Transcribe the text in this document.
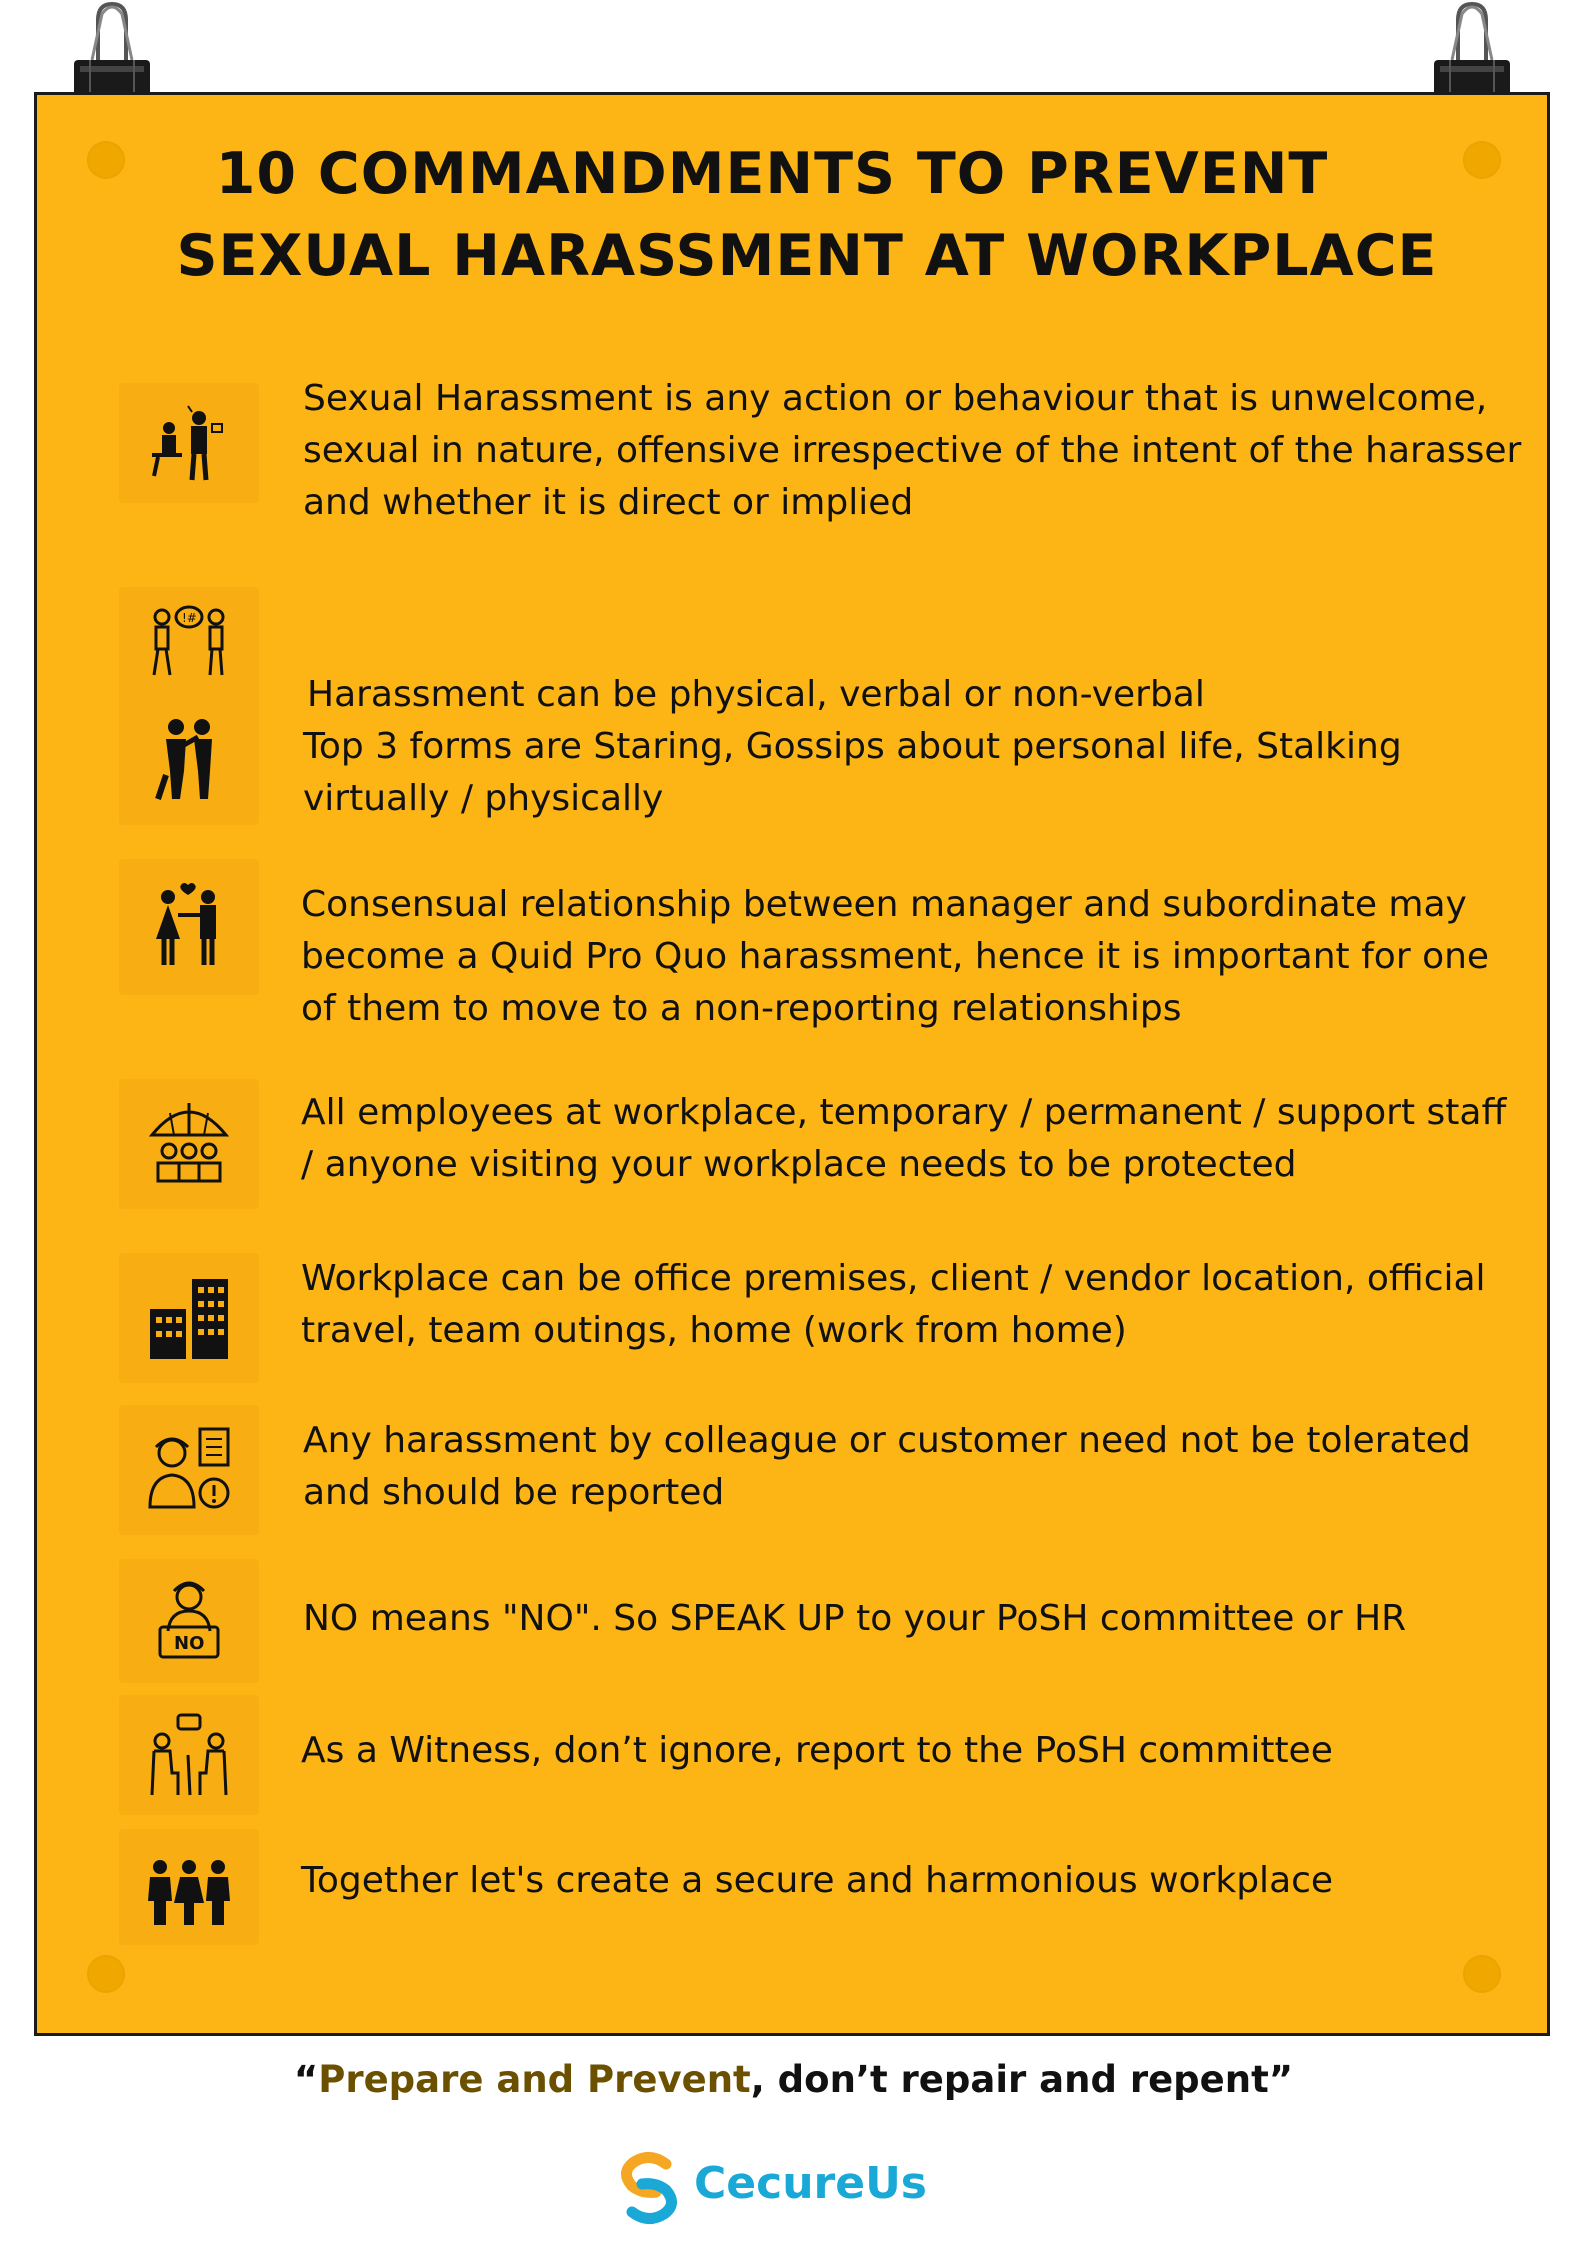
10 COMMANDMENTS TO PREVENT
SEXUAL HARASSMENT AT WORKPLACE

Sexual Harassment is any action or behaviour that is unwelcome, sexual in nature, offensive irrespective of the intent of the harasser and whether it is direct or implied

!#

Harassment can be physical, verbal or non-verbal

Top 3 forms are Staring, Gossips about personal life, Stalking virtually / physically

Consensual relationship between manager and subordinate may become a Quid Pro Quo harassment, hence it is important for one of them to move to a non-reporting relationships

All employees at workplace, temporary / permanent / support staff / anyone visiting your workplace needs to be protected

Workplace can be office premises, client / vendor location, official travel, team outings, home (work from home)

Any harassment by colleague or customer need not be tolerated and should be reported

NO

NO means "NO". So SPEAK UP to your PoSH committee or HR

As a Witness, don’t ignore, report to the PoSH committee

Together let's create a secure and harmonious workplace

“Prepare and Prevent, don’t repair and repent”
CecureUs
